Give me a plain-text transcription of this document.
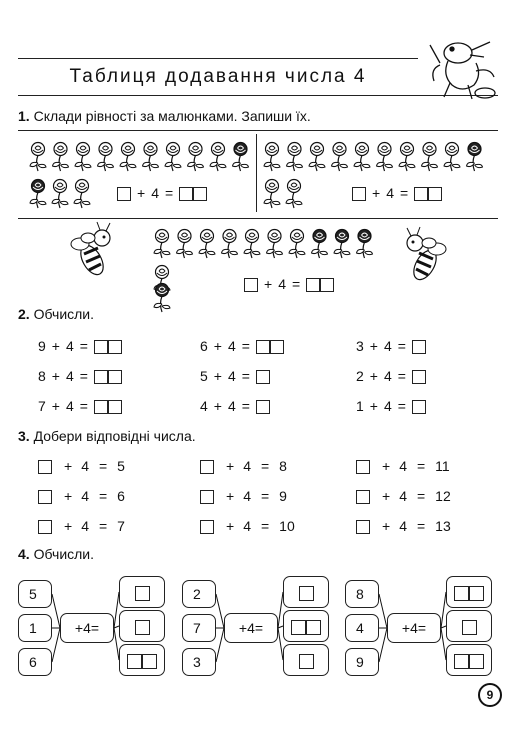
Таблиця додавання числа 4
1. Склади рівності за малюнками. Запиши їх.
+ 4 =	+ 4 =
+ 4 =
2. Обчисли.
9 + 4 =
8 + 4 =
7 + 4 =
6 + 4 =
5 + 4 =
4 + 4 =
3 + 4 =
2 + 4 =
1 + 4 =
3. Добери відповідні числа.
+ 4 = 5
+ 4 = 6
+ 4 = 7
+ 4 = 8
+ 4 = 9
+ 4 = 10
+ 4 = 11
+ 4 = 12
+ 4 = 13
4. Обчисли.
5
1
6
+4=
2
7
3
+4=
8
4
9
+4=
9
